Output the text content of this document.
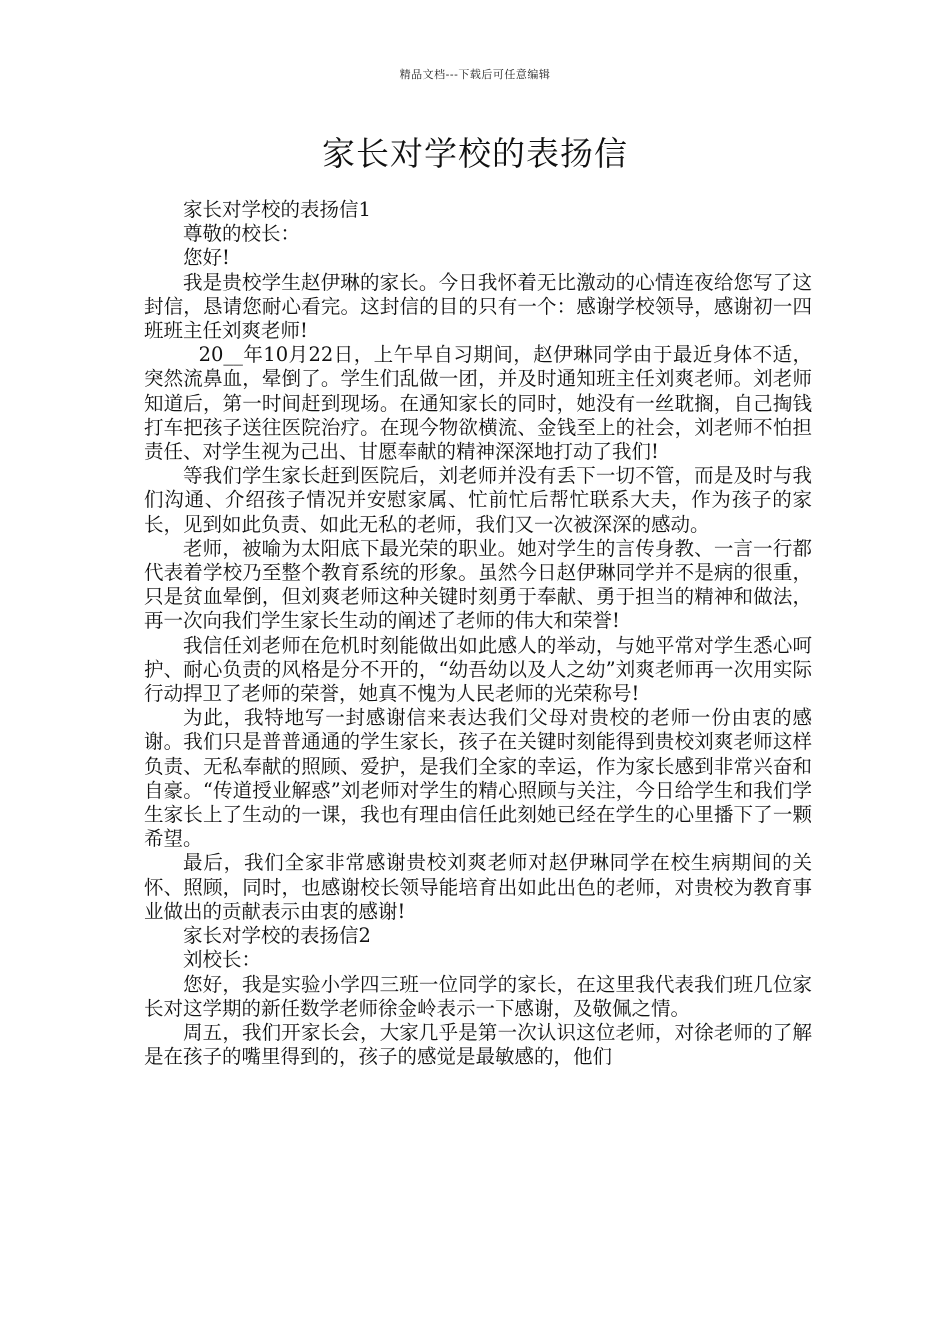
精品文档---下载后可任意编辑
家长对学校的表扬信

家长对学校的表扬信1

尊敬的校长：

您好!

我是贵校学生赵伊琳的家长。今日我怀着无比激动的心情连夜给您写了这封信，恳请您耐心看完。这封信的目的只有一个：感谢学校领导，感谢初一四班班主任刘爽老师!

20__年10月22日，上午早自习期间，赵伊琳同学由于最近身体不适，突然流鼻血，晕倒了。学生们乱做一团，并及时通知班主任刘爽老师。刘老师知道后，第一时间赶到现场。在通知家长的同时，她没有一丝耽搁，自己掏钱打车把孩子送往医院治疗。在现今物欲横流、金钱至上的社会，刘老师不怕担责任、对学生视为己出、甘愿奉献的精神深深地打动了我们!

等我们学生家长赶到医院后，刘老师并没有丢下一切不管，而是及时与我们沟通、介绍孩子情况并安慰家属、忙前忙后帮忙联系大夫，作为孩子的家长，见到如此负责、如此无私的老师，我们又一次被深深的感动。

老师，被喻为太阳底下最光荣的职业。她对学生的言传身教、一言一行都代表着学校乃至整个教育系统的形象。虽然今日赵伊琳同学并不是病的很重，只是贫血晕倒，但刘爽老师这种关键时刻勇于奉献、勇于担当的精神和做法，再一次向我们学生家长生动的阐述了老师的伟大和荣誉!

我信任刘老师在危机时刻能做出如此感人的举动，与她平常对学生悉心呵护、耐心负责的风格是分不开的，“幼吾幼以及人之幼”刘爽老师再一次用实际行动捍卫了老师的荣誉，她真不愧为人民老师的光荣称号!

为此，我特地写一封感谢信来表达我们父母对贵校的老师一份由衷的感谢。我们只是普普通通的学生家长，孩子在关键时刻能得到贵校刘爽老师这样负责、无私奉献的照顾、爱护，是我们全家的幸运，作为家长感到非常兴奋和自豪。“传道授业解惑”刘老师对学生的精心照顾与关注，今日给学生和我们学生家长上了生动的一课，我也有理由信任此刻她已经在学生的心里播下了一颗希望。

最后，我们全家非常感谢贵校刘爽老师对赵伊琳同学在校生病期间的关怀、照顾，同时，也感谢校长领导能培育出如此出色的老师，对贵校为教育事业做出的贡献表示由衷的感谢!

家长对学校的表扬信2

刘校长：

您好，我是实验小学四三班一位同学的家长，在这里我代表我们班几位家长对这学期的新任数学老师徐金岭表示一下感谢，及敬佩之情。

周五，我们开家长会，大家几乎是第一次认识这位老师，对徐老师的了解是在孩子的嘴里得到的，孩子的感觉是最敏感的，他们
